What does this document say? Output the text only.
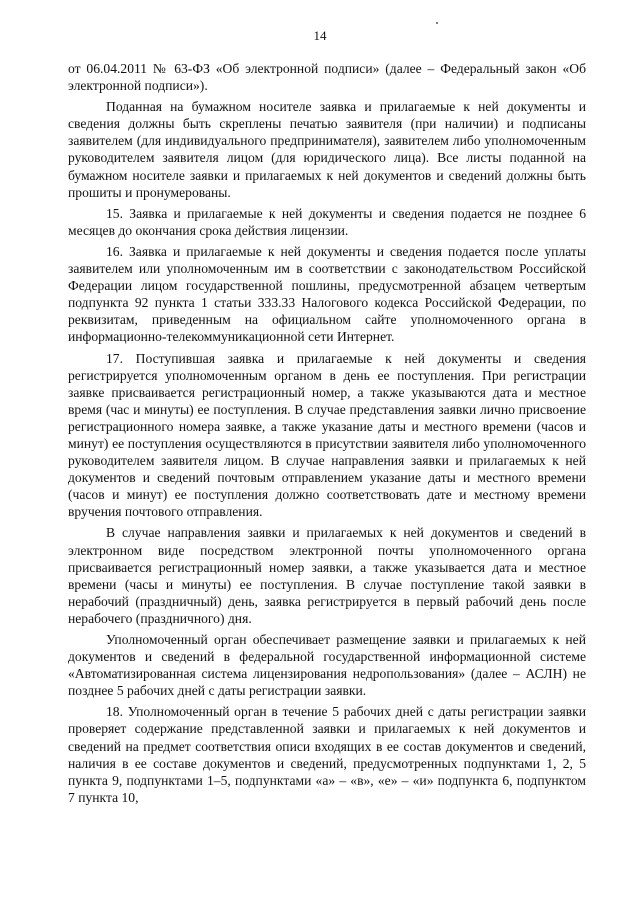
14

от 06.04.2011 № 63-ФЗ «Об электронной подписи» (далее – Федеральный закон «Об электронной подписи»).

Поданная на бумажном носителе заявка и прилагаемые к ней документы и сведения должны быть скреплены печатью заявителя (при наличии) и подписаны заявителем (для индивидуального предпринимателя), заявителем либо уполномоченным руководителем заявителя лицом (для юридического лица). Все листы поданной на бумажном носителе заявки и прилагаемых к ней документов и сведений должны быть прошиты и пронумерованы.

15. Заявка и прилагаемые к ней документы и сведения подается не позднее 6 месяцев до окончания срока действия лицензии.

16. Заявка и прилагаемые к ней документы и сведения подается после уплаты заявителем или уполномоченным им в соответствии с законодательством Российской Федерации лицом государственной пошлины, предусмотренной абзацем четвертым подпункта 92 пункта 1 статьи 333.33 Налогового кодекса Российской Федерации, по реквизитам, приведенным на официальном сайте уполномоченного органа в информационно-телекоммуникационной сети Интернет.

17. Поступившая заявка и прилагаемые к ней документы и сведения регистрируется уполномоченным органом в день ее поступления. При регистрации заявке присваивается регистрационный номер, а также указываются дата и местное время (час и минуты) ее поступления. В случае представления заявки лично присвоение регистрационного номера заявке, а также указание даты и местного времени (часов и минут) ее поступления осуществляются в присутствии заявителя либо уполномоченного руководителем заявителя лицом. В случае направления заявки и прилагаемых к ней документов и сведений почтовым отправлением указание даты и местного времени (часов и минут) ее поступления должно соответствовать дате и местному времени вручения почтового отправления.

В случае направления заявки и прилагаемых к ней документов и сведений в электронном виде посредством электронной почты уполномоченного органа присваивается регистрационный номер заявки, а также указывается дата и местное времени (часы и минуты) ее поступления. В случае поступление такой заявки в нерабочий (праздничный) день, заявка регистрируется в первый рабочий день после нерабочего (праздничного) дня.

Уполномоченный орган обеспечивает размещение заявки и прилагаемых к ней документов и сведений в федеральной государственной информационной системе «Автоматизированная система лицензирования недропользования» (далее – АСЛН) не позднее 5 рабочих дней с даты регистрации заявки.

18. Уполномоченный орган в течение 5 рабочих дней с даты регистрации заявки проверяет содержание представленной заявки и прилагаемых к ней документов и сведений на предмет соответствия описи входящих в ее состав документов и сведений, наличия в ее составе документов и сведений, предусмотренных подпунктами 1, 2, 5 пункта 9, подпунктами 1–5, подпунктами «а» – «в», «е» – «и» подпункта 6, подпунктом 7 пункта 10,
